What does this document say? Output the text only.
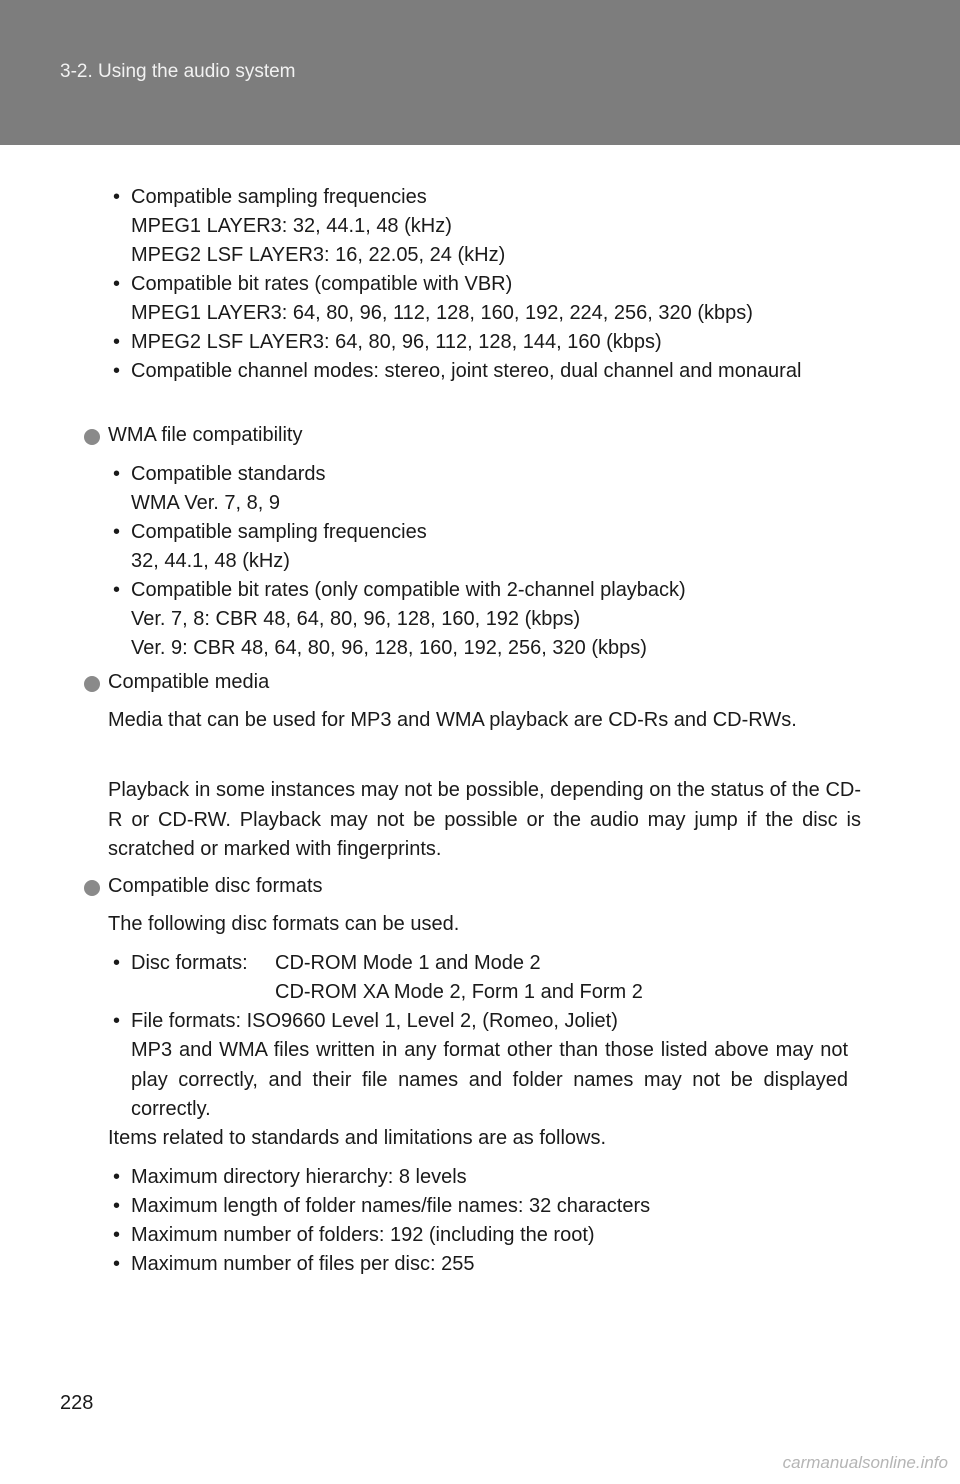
3-2. Using the audio system
• Compatible sampling frequencies
MPEG1 LAYER3: 32, 44.1, 48 (kHz)
MPEG2 LSF LAYER3: 16, 22.05, 24 (kHz)
• Compatible bit rates (compatible with VBR)
MPEG1 LAYER3: 64, 80, 96, 112, 128, 160, 192, 224, 256, 320 (kbps)
• MPEG2 LSF LAYER3: 64, 80, 96, 112, 128, 144, 160 (kbps)
• Compatible channel modes: stereo, joint stereo, dual channel and monaural
WMA file compatibility
• Compatible standards
WMA Ver. 7, 8, 9
• Compatible sampling frequencies
32, 44.1, 48 (kHz)
• Compatible bit rates (only compatible with 2-channel playback)
Ver. 7, 8: CBR 48, 64, 80, 96, 128, 160, 192 (kbps)
Ver. 9: CBR 48, 64, 80, 96, 128, 160, 192, 256, 320 (kbps)
Compatible media
Media that can be used for MP3 and WMA playback are CD-Rs and CD-RWs.
Playback in some instances may not be possible, depending on the status of the CD-R or CD-RW. Playback may not be possible or the audio may jump if the disc is scratched or marked with fingerprints.
Compatible disc formats
The following disc formats can be used.
• Disc formats: CD-ROM Mode 1 and Mode 2
CD-ROM XA Mode 2, Form 1 and Form 2
• File formats: ISO9660 Level 1, Level 2, (Romeo, Joliet)
MP3 and WMA files written in any format other than those listed above may not play correctly, and their file names and folder names may not be displayed correctly.
Items related to standards and limitations are as follows.
• Maximum directory hierarchy: 8 levels
• Maximum length of folder names/file names: 32 characters
• Maximum number of folders: 192 (including the root)
• Maximum number of files per disc: 255
228
carmanualsonline.info
